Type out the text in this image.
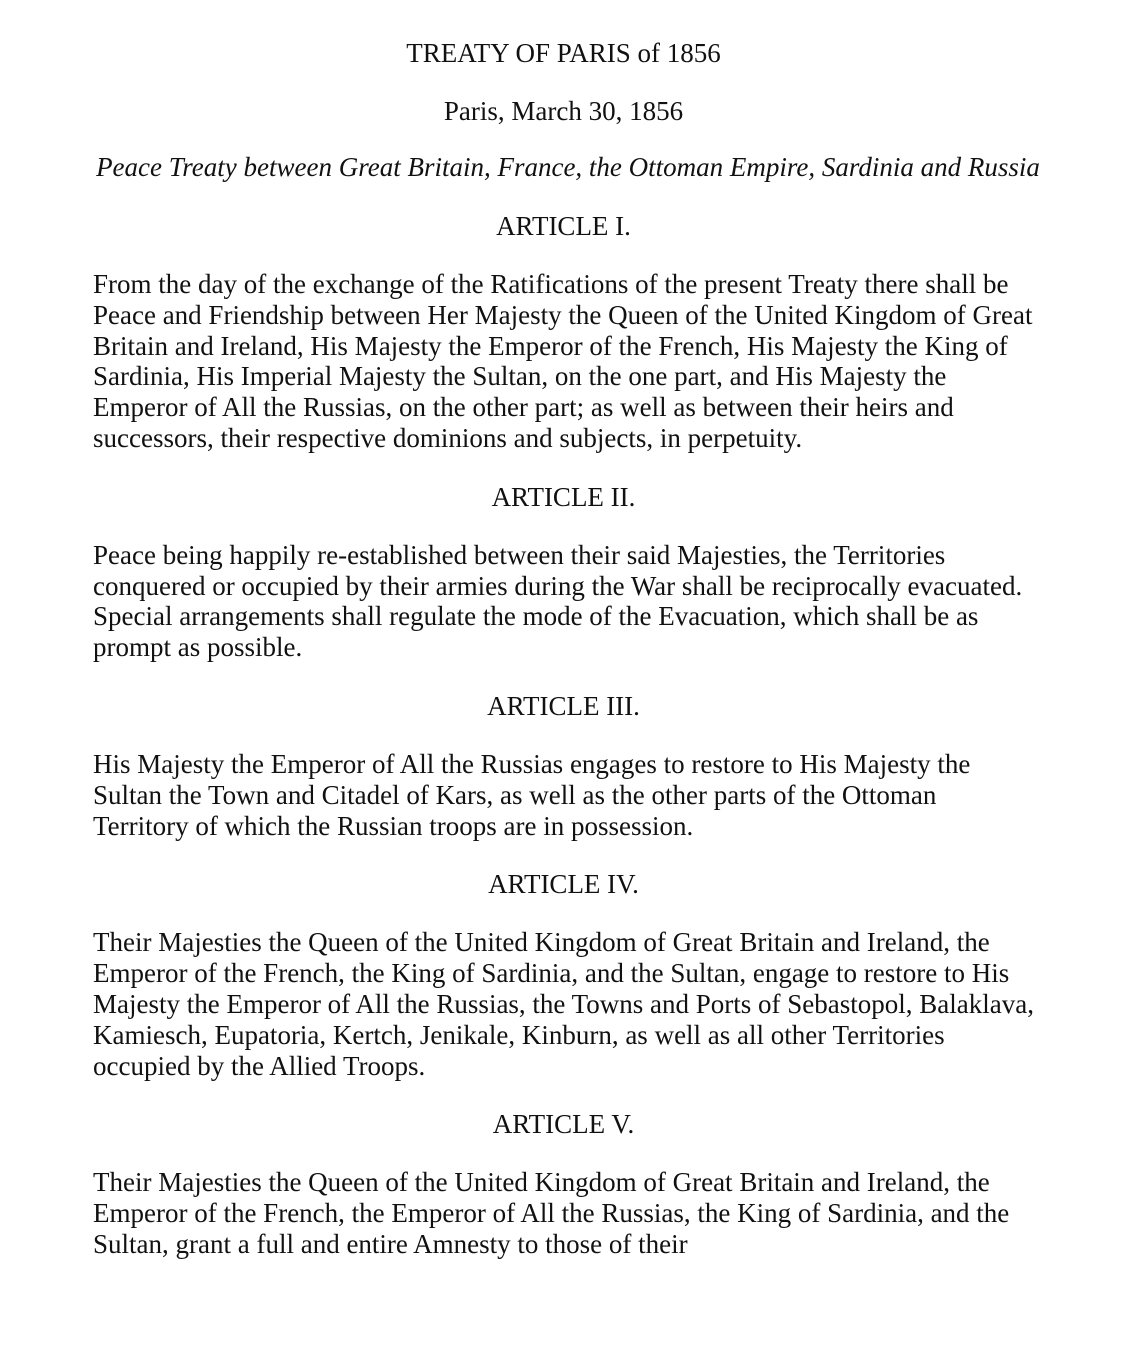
TREATY OF PARIS of 1856

Paris, March 30, 1856

Peace Treaty between Great Britain, France, the Ottoman Empire, Sardinia and Russia

ARTICLE I.

From the day of the exchange of the Ratifications of the present Treaty there shall be Peace and Friendship between Her Majesty the Queen of the United Kingdom of Great Britain and Ireland, His Majesty the Emperor of the French, His Majesty the King of Sardinia, His Imperial Majesty the Sultan, on the one part, and His Majesty the Emperor of All the Russias, on the other part; as well as between their heirs and successors, their respective dominions and subjects, in perpetuity.

ARTICLE II.

Peace being happily re-established between their said Majesties, the Territories conquered or occupied by their armies during the War shall be reciprocally evacuated. Special arrangements shall regulate the mode of the Evacuation, which shall be as prompt as possible.

ARTICLE III.

His Majesty the Emperor of All the Russias engages to restore to His Majesty the Sultan the Town and Citadel of Kars, as well as the other parts of the Ottoman Territory of which the Russian troops are in possession.

ARTICLE IV.

Their Majesties the Queen of the United Kingdom of Great Britain and Ireland, the Emperor of the French, the King of Sardinia, and the Sultan, engage to restore to His Majesty the Emperor of All the Russias, the Towns and Ports of Sebastopol, Balaklava, Kamiesch, Eupatoria, Kertch, Jenikale, Kinburn, as well as all other Territories occupied by the Allied Troops.

ARTICLE V.

Their Majesties the Queen of the United Kingdom of Great Britain and Ireland, the Emperor of the French, the Emperor of All the Russias, the King of Sardinia, and the Sultan, grant a full and entire Amnesty to those of their
